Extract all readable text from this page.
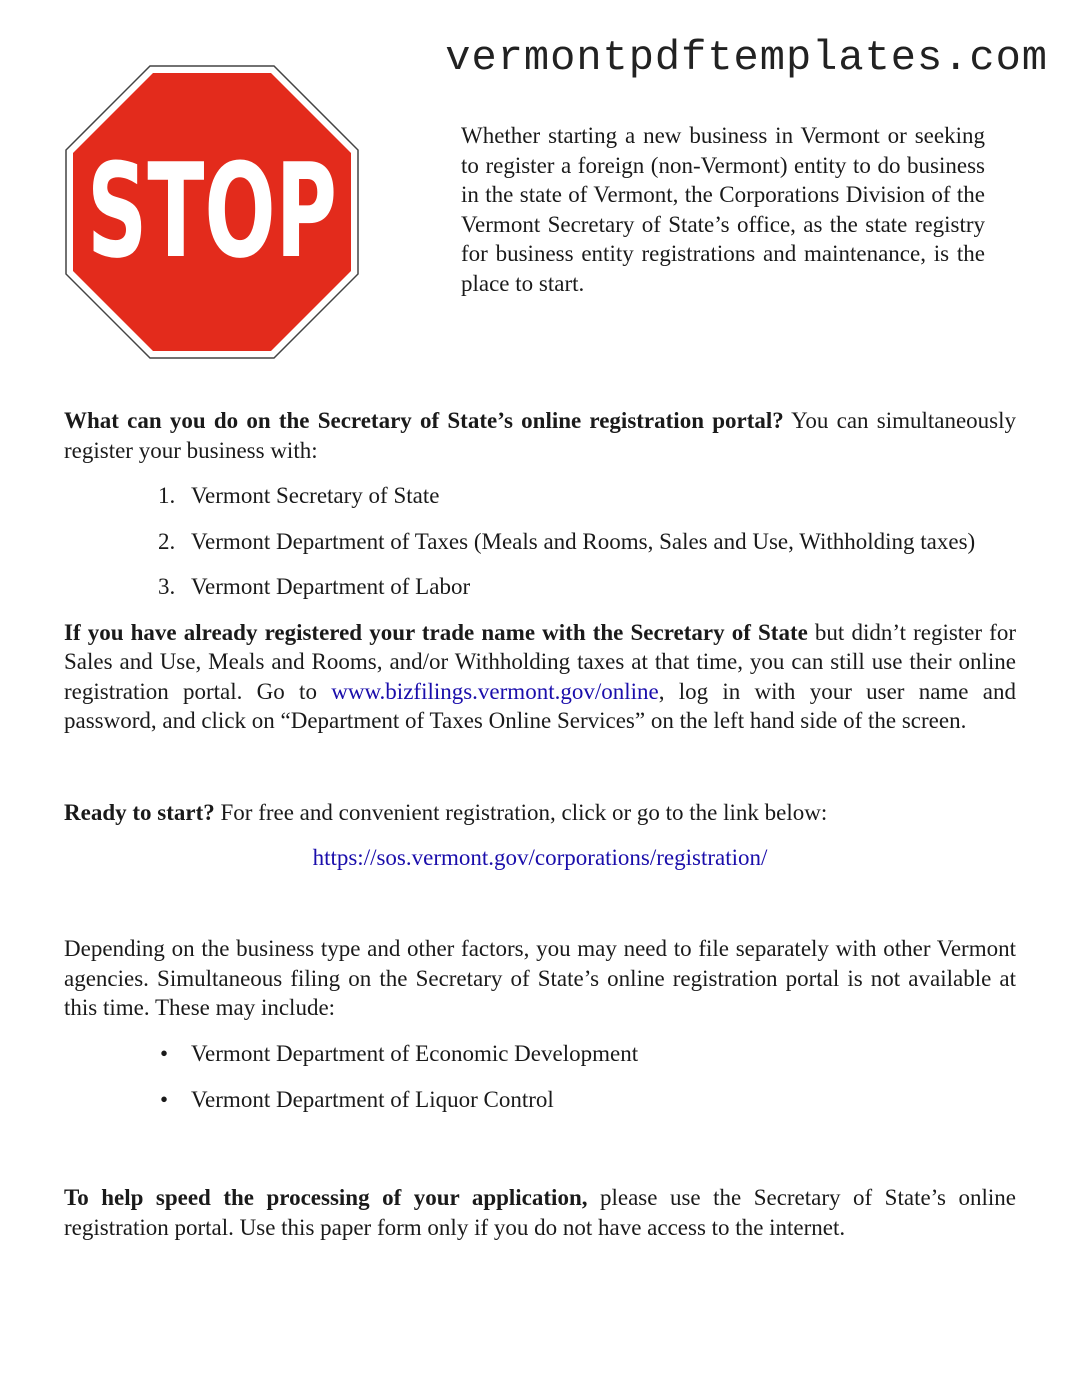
vermontpdftemplates.com
STOP	Whether starting a new business in Vermont or seeking to register a foreign (non-Vermont) entity to do business in the state of Vermont, the Corporations Division of the Vermont Secretary of State’s office, as the state registry for business entity registrations and maintenance, is the place to start.

What can you do on the Secretary of State’s online registration portal? You can simultaneously register your business with:

1. Vermont Secretary of State
2. Vermont Department of Taxes (Meals and Rooms, Sales and Use, Withholding taxes)
3. Vermont Department of Labor

If you have already registered your trade name with the Secretary of State but didn’t register for Sales and Use, Meals and Rooms, and/or Withholding taxes at that time, you can still use their online registration portal. Go to www.bizfilings.vermont.gov/online, log in with your user name and password, and click on “Department of Taxes Online Services” on the left hand side of the screen.

Ready to start? For free and convenient registration, click or go to the link below:

https://sos.vermont.gov/corporations/registration/

Depending on the business type and other factors, you may need to file separately with other Vermont agencies. Simultaneous filing on the Secretary of State’s online registration portal is not available at this time. These may include:

• Vermont Department of Economic Development
• Vermont Department of Liquor Control

To help speed the processing of your application, please use the Secretary of State’s online registration portal. Use this paper form only if you do not have access to the internet.
